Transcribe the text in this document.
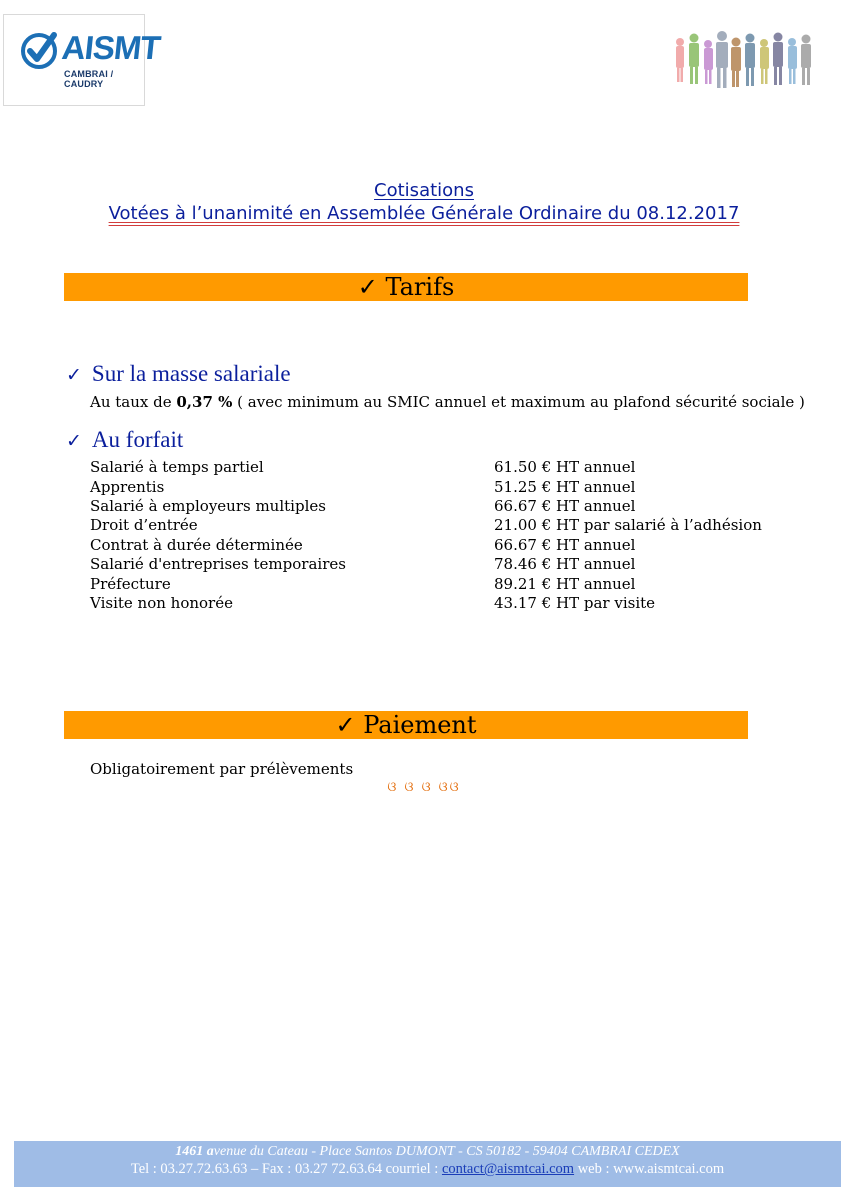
AISMT
CAMBRAI / CAUDRY
Cotisations
Votées à l’unanimité en Assemblée Générale Ordinaire du 08.12.2017
✓ Tarifs
✓ Sur la masse salariale
Au taux de 0,37 % ( avec minimum au SMIC annuel et maximum au plafond sécurité sociale )
✓ Au forfait
Salarié à temps partiel	61.50 € HT annuel
Apprentis	51.25 € HT annuel
Salarié à employeurs multiples	66.67 € HT annuel
Droit d’entrée	21.00 € HT par salarié à l’adhésion
Contrat à durée déterminée	66.67 € HT annuel
Salarié d'entreprises temporaires	78.46 € HT annuel
Préfecture	89.21 € HT annuel
Visite non honorée	43.17 € HT par visite
✓ Paiement
Obligatoirement par prélèvements
ଓ ଓ ଓ ଓଓ
1461 avenue du Cateau - Place Santos DUMONT - CS 50182 - 59404 CAMBRAI CEDEX
Tel : 03.27.72.63.63 – Fax : 03.27 72.63.64 courriel : contact@aismtcai.com web : www.aismtcai.com
